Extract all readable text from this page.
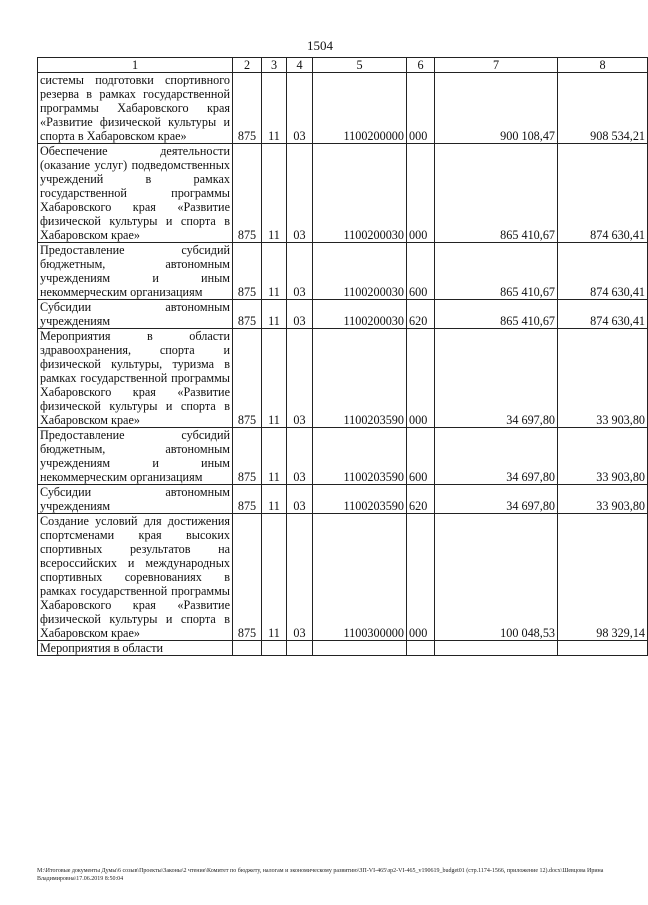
1504
1	2	3	4	5	6	7	8

системы подготовки спортивного резерва в рамках государственной программы Хабаровского края «Развитие физической культуры и спорта в Хабаровском крае»	875	11	03	1100200000	000	900 108,47	908 534,21

Обеспечение деятельности (оказание услуг) подведомственных учреждений в рамках государственной программы Хабаровского края «Развитие физической культуры и спорта в Хабаровском крае»	875	11	03	1100200030	000	865 410,67	874 630,41

Предоставление субсидий бюджетным, автономным учреждениям и иным некоммерческим организациям	875	11	03	1100200030	600	865 410,67	874 630,41

Субсидии автономным учреждениям	875	11	03	1100200030	620	865 410,67	874 630,41

Мероприятия в области здравоохранения, спорта и физической культуры, туризма в рамках государственной программы Хабаровского края «Развитие физической культуры и спорта в Хабаровском крае»	875	11	03	1100203590	000	34 697,80	33 903,80

Предоставление субсидий бюджетным, автономным учреждениям и иным некоммерческим организациям	875	11	03	1100203590	600	34 697,80	33 903,80

Субсидии автономным учреждениям	875	11	03	1100203590	620	34 697,80	33 903,80

Создание условий для достижения спортсменами края высоких спортивных результатов на всероссийских и международных спортивных соревнованиях в рамках государственной программы Хабаровского края «Развитие физической культуры и спорта в Хабаровском крае»	875	11	03	1100300000	000	100 048,53	98 329,14

Мероприятия в области							

M:\Итоговые документы Думы\6 созыв\Проекты\Законы\2 чтение\Комитет по бюджету, налогам и экономическому развитию\ЗП-VI-465\зр2-VI-465_v190619_budget01 (стр.1174-1566, приложение 12).docx\Шевцова Ирина Владимировна\17.06.2019 8:50:04
